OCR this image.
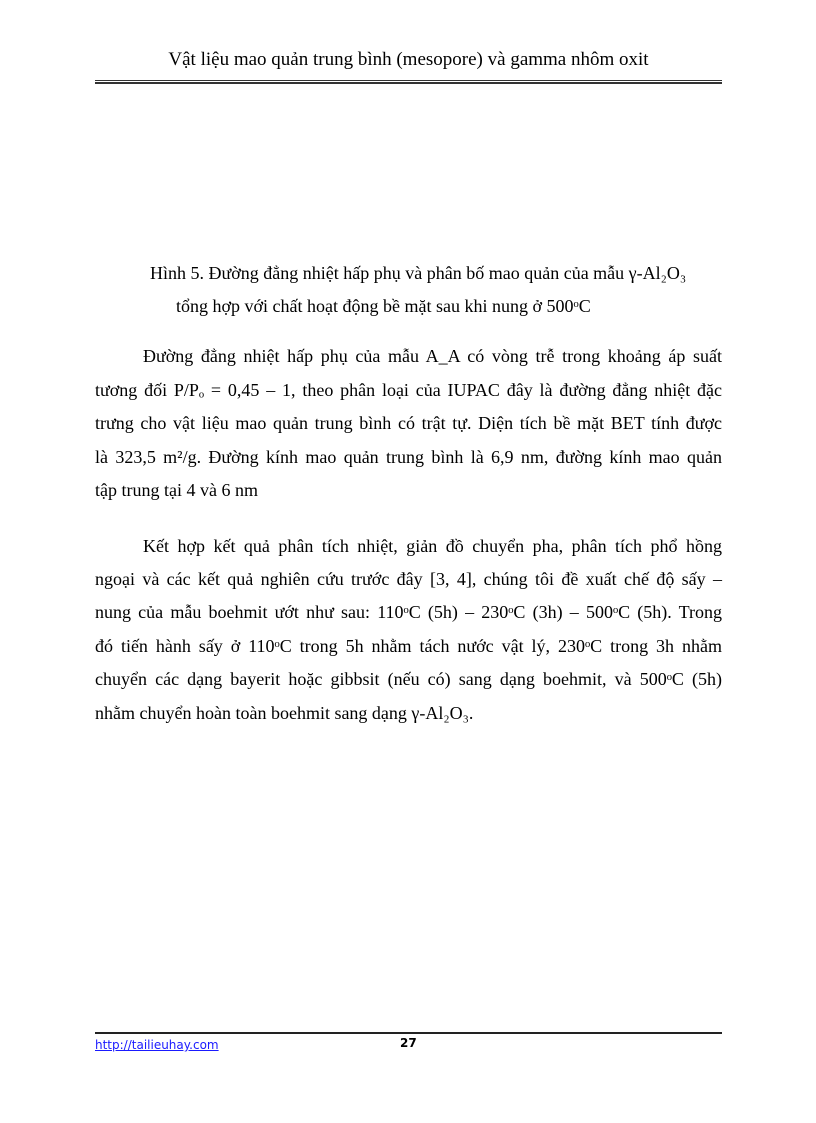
Vật liệu mao quản trung bình (mesopore) và gamma nhôm oxit
Hình 5. Đường đẳng nhiệt hấp phụ và phân bố mao quản của mẫu γ-Al₂O₃
tổng hợp với chất hoạt động bề mặt sau khi nung ở 500ᵒC
Đường đẳng nhiệt hấp phụ của mẫu A_A có vòng trễ trong khoảng áp suất
tương đối P/Pₒ = 0,45 – 1, theo phân loại của IUPAC đây là đường đẳng nhiệt đặc
trưng cho vật liệu mao quản trung bình có trật tự. Diện tích bề mặt BET tính được
là 323,5 m²/g. Đường kính mao quản trung bình là 6,9 nm, đường kính mao quản
tập trung tại 4 và 6 nm
Kết hợp kết quả phân tích nhiệt, giản đồ chuyển pha, phân tích phổ hồng
ngoại và các kết quả nghiên cứu trước đây [3, 4], chúng tôi đề xuất chế độ sấy –
nung của mẫu boehmit ướt như sau: 110ᵒC (5h) – 230ᵒC (3h) – 500ᵒC (5h). Trong
đó tiến hành sấy ở 110ᵒC trong 5h nhằm tách nước vật lý, 230ᵒC trong 3h nhằm
chuyển các dạng bayerit hoặc gibbsit (nếu có) sang dạng boehmit, và 500ᵒC (5h)
nhằm chuyển hoàn toàn boehmit sang dạng γ-Al₂O₃.
http://tailieuhay.com	27
